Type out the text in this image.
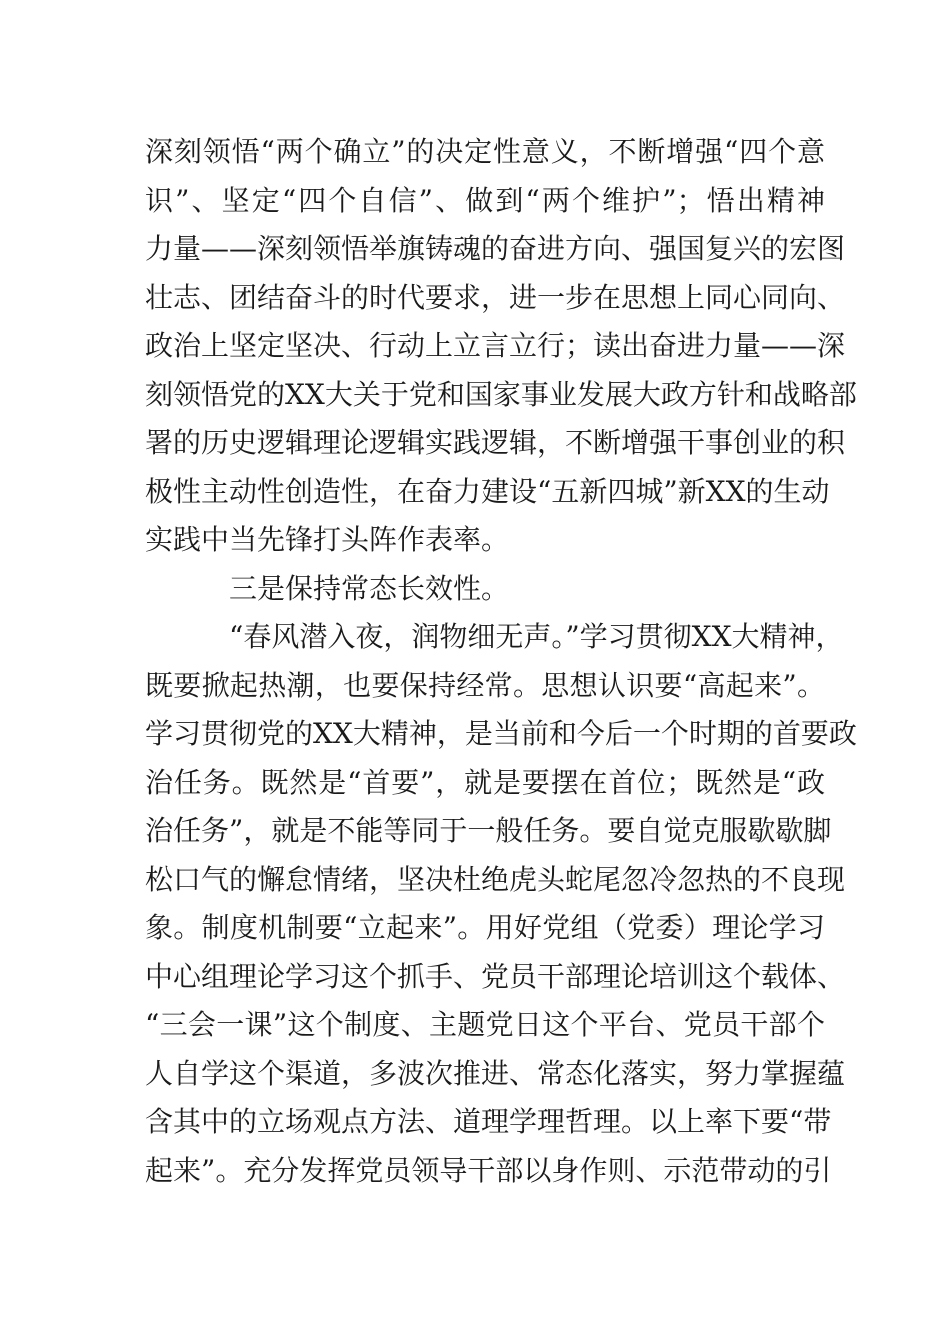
深刻领悟“两个确立”的决定性意义，不断增强“四个意
识”、坚定“四个自信”、做到“两个维护”；悟出精神
力量——深刻领悟举旗铸魂的奋进方向、强国复兴的宏图
壮志、团结奋斗的时代要求，进一步在思想上同心同向、
政治上坚定坚决、行动上立言立行；读出奋进力量——深
刻领悟党的XX大关于党和国家事业发展大政方针和战略部
署的历史逻辑理论逻辑实践逻辑，不断增强干事创业的积
极性主动性创造性，在奋力建设“五新四城”新XX的生动
实践中当先锋打头阵作表率。
三是保持常态长效性。
“春风潜入夜，润物细无声。”学习贯彻XX大精神，
既要掀起热潮，也要保持经常。思想认识要“高起来”。
学习贯彻党的XX大精神，是当前和今后一个时期的首要政
治任务。既然是“首要”，就是要摆在首位；既然是“政
治任务”，就是不能等同于一般任务。要自觉克服歇歇脚
松口气的懈怠情绪，坚决杜绝虎头蛇尾忽冷忽热的不良现
象。制度机制要“立起来”。用好党组（党委）理论学习
中心组理论学习这个抓手、党员干部理论培训这个载体、
“三会一课”这个制度、主题党日这个平台、党员干部个
人自学这个渠道，多波次推进、常态化落实，努力掌握蕴
含其中的立场观点方法、道理学理哲理。以上率下要“带
起来”。充分发挥党员领导干部以身作则、示范带动的引
